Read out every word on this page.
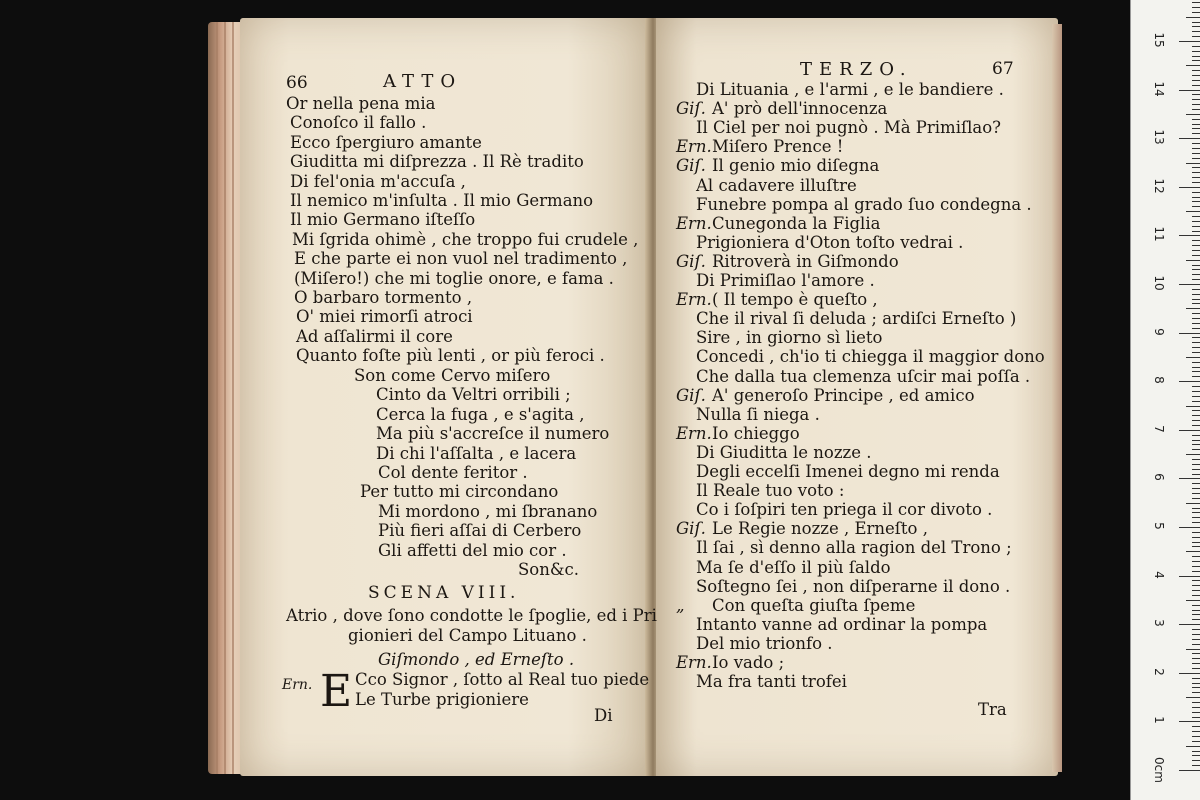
66	ATTO
Or nella pena mia
Conoſco il fallo .
Ecco ſpergiuro amante
Giuditta mi diſprezza . Il Rè tradito
Di fel'onia m'accuſa ,
Il nemico m'inſulta . Il mio Germano
Il mio Germano iſteſſo
Mi ſgrida ohimè , che troppo fui crudele ,
E che parte ei non vuol nel tradimento ,
(Miſero!) che mi toglie onore, e fama .
O barbaro tormento ,
O' miei rimorſi atroci
Ad aſſalirmi il core
Quanto foſte più lenti , or più feroci .
Son come Cervo miſero
Cinto da Veltri orribili ;
Cerca la fuga , e s'agita ,
Ma più s'accreſce il numero
Di chi l'aſſalta , e lacera
Col dente feritor .
Per tutto mi circondano
Mi mordono , mi ſbranano
Più fieri aſſai di Cerbero
Gli affetti del mio cor .
Son&c.
SCENA VIII.
Atrio , dove ſono condotte le ſpoglie, ed i Pri
gionieri del Campo Lituano .
Giſmondo , ed Erneſto .
Ern. E Cco Signor , ſotto al Real tuo piede
Le Turbe prigioniere
Di
TERZO.	67
Di Lituania , e l'armi , e le bandiere .
Giſ. A' prò dell'innocenza
Il Ciel per noi pugnò . Mà Primiſlao?
Ern. Miſero Prence !
Giſ. Il genio mio diſegna
Al cadavere illuſtre
Funebre pompa al grado ſuo condegna .
Ern. Cunegonda la Figlia
Prigioniera d'Oton toſto vedrai .
Giſ. Ritroverà in Giſmondo
Di Primiſlao l'amore .
Ern. ( Il tempo è queſto ,
Che il rival ſi deluda ; ardiſci Erneſto )
Sire , in giorno sì lieto
Concedi , ch'io ti chiegga il maggior dono
Che dalla tua clemenza uſcir mai poſſa .
Giſ. A' generoſo Principe , ed amico
Nulla ſi niega .
Ern. Io chieggo
Di Giuditta le nozze .
Degli eccelſi Imenei degno mi renda
Il Reale tuo voto :
Co i ſoſpiri ten priega il cor divoto .
Giſ. Le Regie nozze , Erneſto ,
Il ſai , sì denno alla ragion del Trono ;
Ma ſe d'eſſo il più ſaldo
Soſtegno ſei , non diſperarne il dono .
„ Con queſta giuſta ſpeme
Intanto vanne ad ordinar la pompa
Del mio trionfo .
Ern. Io vado ;
Ma fra tanti trofei
Tra
0cm
1
2
3
4
5
6
7
8
9
10
11
12
13
14
15
